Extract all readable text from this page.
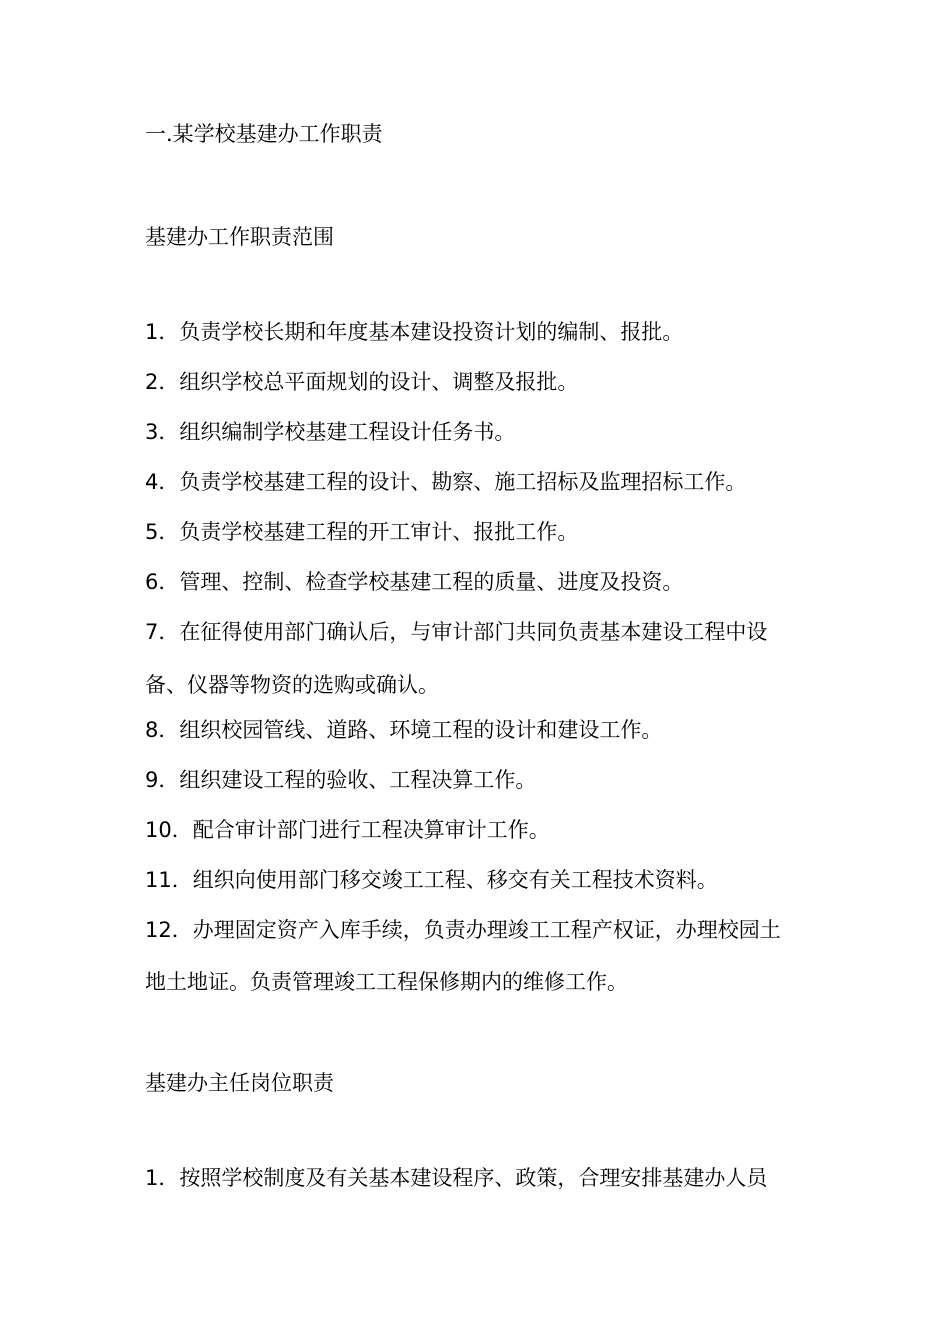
一.某学校基建办工作职责

基建办工作职责范围

1．负责学校长期和年度基本建设投资计划的编制、报批。

2．组织学校总平面规划的设计、调整及报批。

3．组织编制学校基建工程设计任务书。

4．负责学校基建工程的设计、勘察、施工招标及监理招标工作。

5．负责学校基建工程的开工审计、报批工作。

6．管理、控制、检查学校基建工程的质量、进度及投资。

7．在征得使用部门确认后，与审计部门共同负责基本建设工程中设

备、仪器等物资的选购或确认。

8．组织校园管线、道路、环境工程的设计和建设工作。

9．组织建设工程的验收、工程决算工作。

10．配合审计部门进行工程决算审计工作。

11．组织向使用部门移交竣工工程、移交有关工程技术资料。

12．办理固定资产入库手续，负责办理竣工工程产权证，办理校园土

地土地证。负责管理竣工工程保修期内的维修工作。

基建办主任岗位职责

1．按照学校制度及有关基本建设程序、政策，合理安排基建办人员
